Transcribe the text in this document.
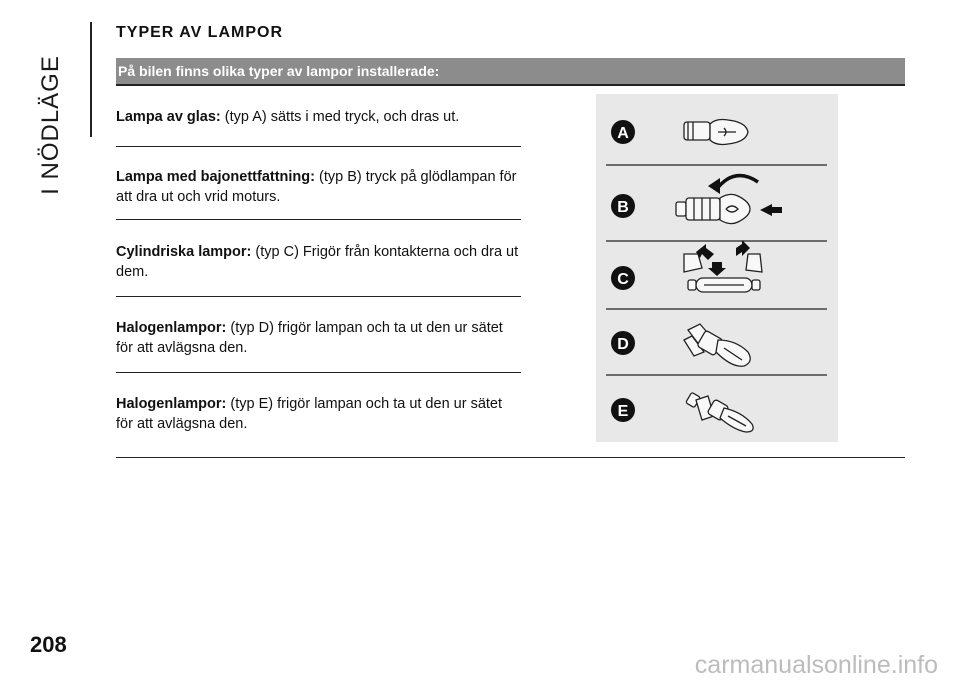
I NÖDLÄGE
TYPER AV LAMPOR
På bilen finns olika typer av lampor installerade:
Lampa av glas: (typ A) sätts i med tryck, och dras ut.
Lampa med bajonettfattning: (typ B) tryck på glödlampan för att dra ut och vrid moturs.
Cylindriska lampor: (typ C) Frigör från kontakterna och dra ut dem.
Halogenlampor: (typ D) frigör lampan och ta ut den ur sätet för att avlägsna den.
Halogenlampor: (typ E) frigör lampan och ta ut den ur sätet för att avlägsna den.
A
B
C
D
E
208
carmanualsonline.info
